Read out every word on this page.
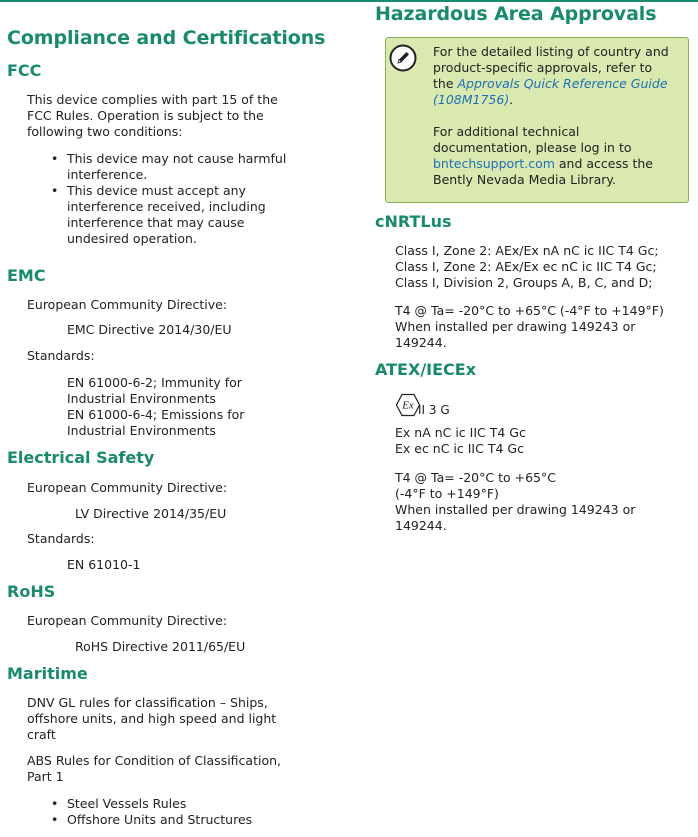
Compliance and Certifications
FCC
This device complies with part 15 of the
FCC Rules. Operation is subject to the
following two conditions:
• This device may not cause harmful
interference.
• This device must accept any
interference received, including
interference that may cause
undesired operation.
EMC
European Community Directive:
EMC Directive 2014/30/EU
Standards:
EN 61000-6-2; Immunity for
Industrial Environments
EN 61000-6-4; Emissions for
Industrial Environments
Electrical Safety
European Community Directive:
LV Directive 2014/35/EU
Standards:
EN 61010-1
RoHS
European Community Directive:
RoHS Directive 2011/65/EU
Maritime
DNV GL rules for classification – Ships,
offshore units, and high speed and light
craft
ABS Rules for Condition of Classification,
Part 1
• Steel Vessels Rules
• Offshore Units and Structures
Hazardous Area Approvals
For the detailed listing of country and
product-specific approvals, refer to
the Approvals Quick Reference Guide
(108M1756).
For additional technical
documentation, please log in to
bntechsupport.com and access the
Bently Nevada Media Library.
cNRTLus
Class I, Zone 2: AEx/Ex nA nC ic IIC T4 Gc;
Class I, Zone 2: AEx/Ex ec nC ic IIC T4 Gc;
Class I, Division 2, Groups A, B, C, and D;
T4 @ Ta= -20°C to +65°C (-4°F to +149°F)
When installed per drawing 149243 or
149244.
ATEX/IECEx
Ex II 3 G
Ex nA nC ic IIC T4 Gc
Ex ec nC ic IIC T4 Gc
T4 @ Ta= -20°C to +65°C
(-4°F to +149°F)
When installed per drawing 149243 or
149244.
